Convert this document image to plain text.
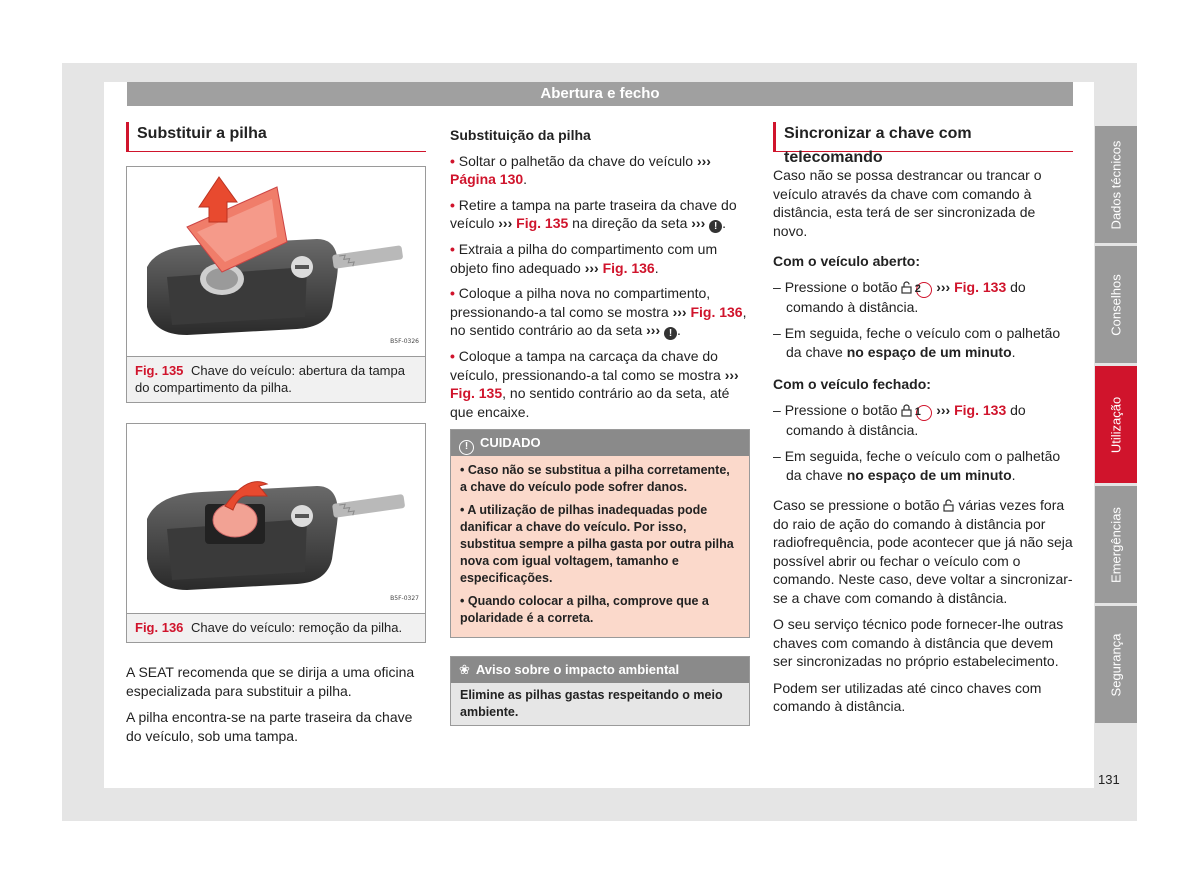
Abertura e fecho
Substituir a pilha
B5F-0326
Fig. 135 Chave do veículo: abertura da tampa do compartimento da pilha.
B5F-0327
Fig. 136 Chave do veículo: remoção da pilha.

A SEAT recomenda que se dirija a uma oficina especializada para substituir a pilha.

A pilha encontra-se na parte traseira da chave do veículo, sob uma tampa.

Substituição da pilha
• Soltar o palhetão da chave do veículo ››› Página 130.
• Retire a tampa na parte traseira da chave do veículo ››› Fig. 135 na direção da seta ››› ! .
• Extraia a pilha do compartimento com um objeto fino adequado ››› Fig. 136.
• Coloque a pilha nova no compartimento, pressionando-a tal como se mostra ››› Fig. 136, no sentido contrário ao da seta ››› ! .
• Coloque a tampa na carcaça da chave do veículo, pressionando-a tal como se mostra ››› Fig. 135, no sentido contrário ao da seta, até que encaixe.
! CUIDADO
• Caso não se substitua a pilha corretamente, a chave do veículo pode sofrer danos.
• A utilização de pilhas inadequadas pode danificar a chave do veículo. Por isso, substitua sempre a pilha gasta por outra pilha nova com igual voltagem, tamanho e especificações.
• Quando colocar a pilha, comprove que a polaridade é a correta.
❀ Aviso sobre o impacto ambiental
Elimine as pilhas gastas respeitando o meio ambiente.
Sincronizar a chave com telecomando

Caso não se possa destrancar ou trancar o veículo através da chave com comando à distância, esta terá de ser sincronizada de novo.

Com o veículo aberto:
– Pressione o botão 2 ››› Fig. 133 do comando à distância.
– Em seguida, feche o veículo com o palhetão da chave no espaço de um minuto.
Com o veículo fechado:
– Pressione o botão 1 ››› Fig. 133 do comando à distância.
– Em seguida, feche o veículo com o palhetão da chave no espaço de um minuto.

Caso se pressione o botão várias vezes fora do raio de ação do comando à distância por radiofrequência, pode acontecer que já não seja possível abrir ou fechar o veículo com o comando. Neste caso, deve voltar a sincronizar-se a chave com comando à distância.

O seu serviço técnico pode fornecer-lhe outras chaves com comando à distância que devem ser sincronizadas no próprio estabelecimento.

Podem ser utilizadas até cinco chaves com comando à distância.

Dados técnicos
Conselhos
Utilização
Emergências
Segurança
131
